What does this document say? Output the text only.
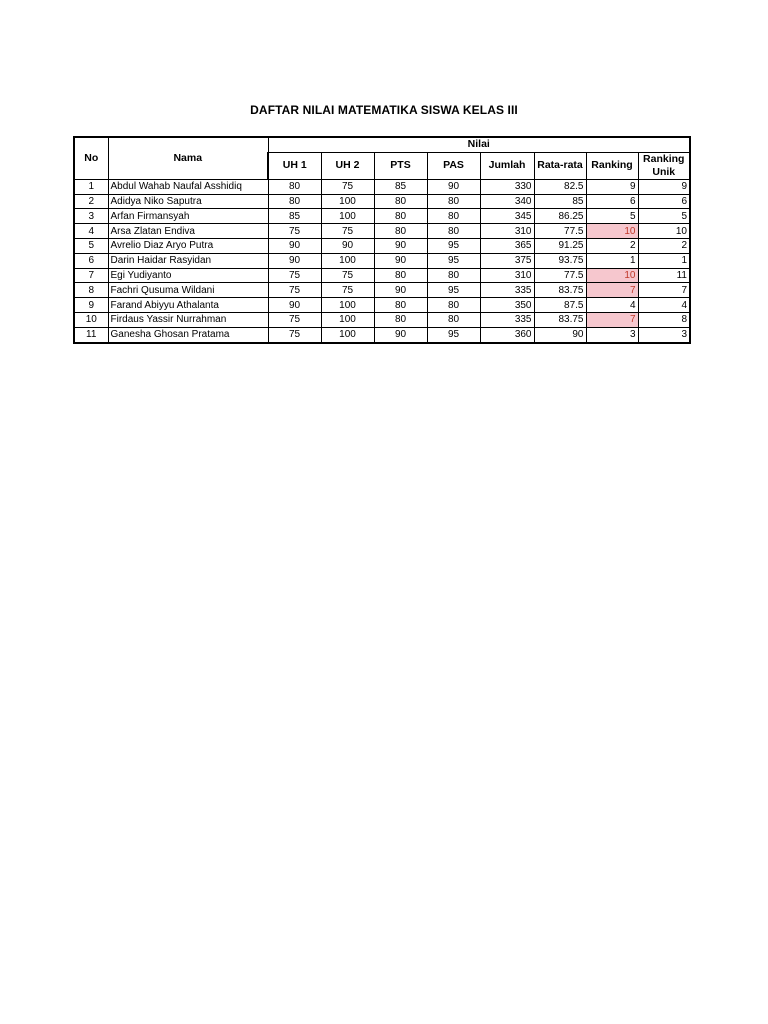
DAFTAR NILAI MATEMATIKA SISWA KELAS III
No	Nama	Nilai							
		UH 1	UH 2	PTS	PAS	Jumlah	Rata-rata	Ranking	Ranking Unik
1	Abdul Wahab Naufal Asshidiq	80	75	85	90	330	82.5	9	9
2	Adidya Niko Saputra	80	100	80	80	340	85	6	6
3	Arfan Firmansyah	85	100	80	80	345	86.25	5	5
4	Arsa Zlatan Endiva	75	75	80	80	310	77.5	10	10
5	Avrelio Diaz Aryo Putra	90	90	90	95	365	91.25	2	2
6	Darin Haidar Rasyidan	90	100	90	95	375	93.75	1	1
7	Egi Yudiyanto	75	75	80	80	310	77.5	10	11
8	Fachri Qusuma Wildani	75	75	90	95	335	83.75	7	7
9	Farand Abiyyu Athalanta	90	100	80	80	350	87.5	4	4
10	Firdaus Yassir Nurrahman	75	100	80	80	335	83.75	7	8
11	Ganesha Ghosan Pratama	75	100	90	95	360	90	3	3
